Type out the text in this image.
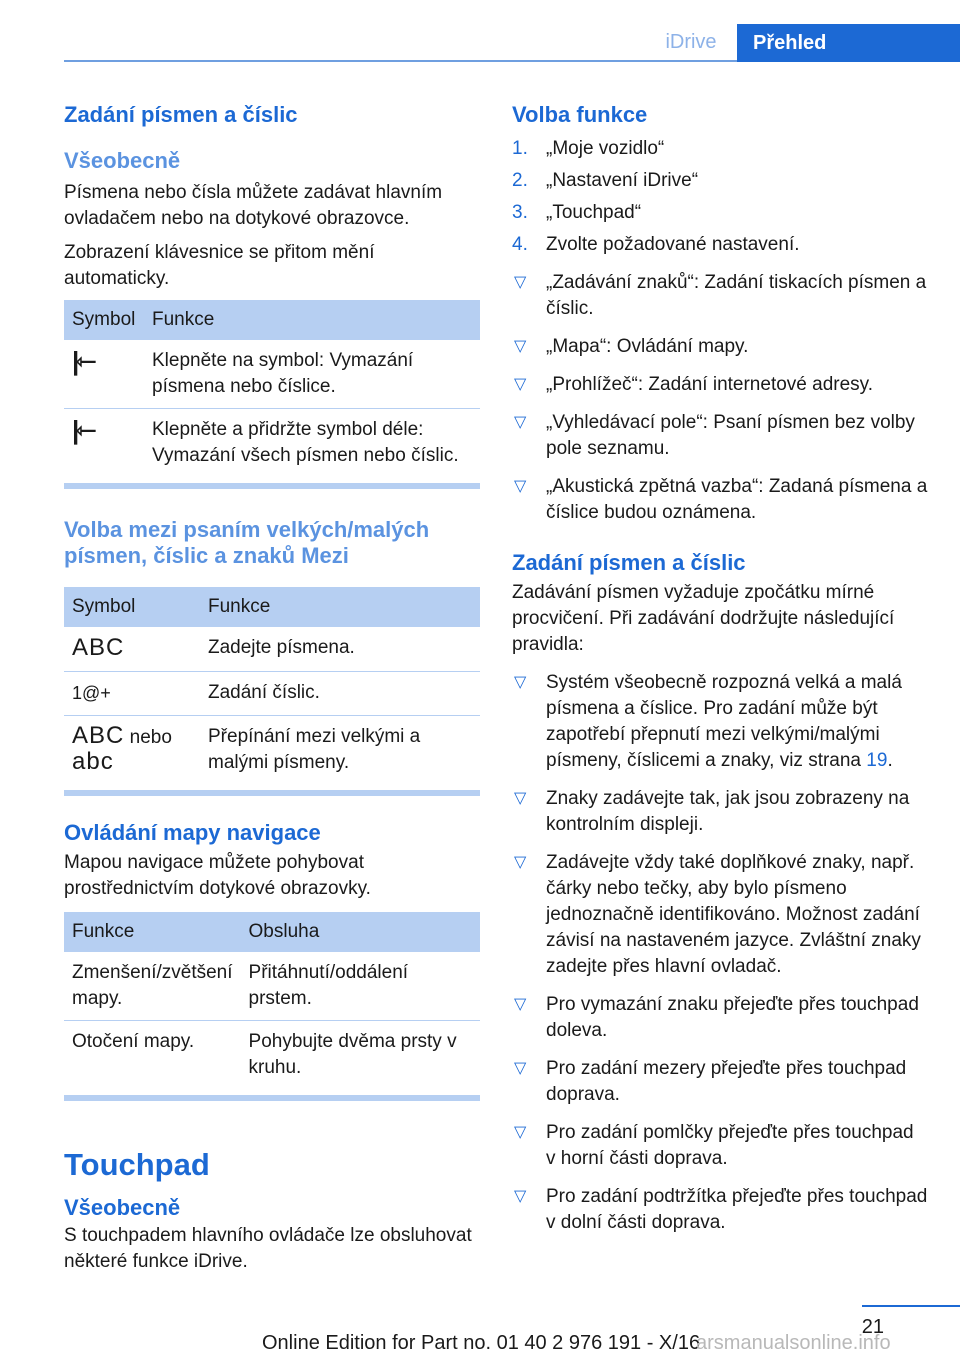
iDrive	Přehled
Zadání písmen a číslic
Všeobecně

Písmena nebo čísla můžete zadávat hlavním ovladačem nebo na dotykové obrazovce.

Zobrazení klávesnice se přitom mění automaticky.

Symbol	Funkce
|⇽	Klepněte na symbol: Vymazání písmena nebo číslice.
|⇽	Klepněte a přidržte symbol déle: Vymazání všech písmen nebo číslic.
Volba mezi psaním velkých/malých písmen, číslic a znaků Mezi
Symbol	Funkce
ABC	Zadejte písmena.
1@+	Zadání číslic.
ABC nebo
abc	Přepínání mezi velkými a malými písmeny.
Ovládání mapy navigace

Mapou navigace můžete pohybovat prostřednictvím dotykové obrazovky.

Funkce	Obsluha
Zmenšení/zvětšení mapy.	Přitáhnutí/oddálení prstem.
Otočení mapy.	Pohybujte dvěma prsty v kruhu.
Touchpad
Všeobecně

S touchpadem hlavního ovládače lze obsluhovat některé funkce iDrive.

Volba funkce
1. „Moje vozidlo“
2. „Nastavení iDrive“
3. „Touchpad“
4. Zvolte požadované nastavení.
▽ „Zadávání znaků“: Zadání tiskacích písmen a číslic.
▽ „Mapa“: Ovládání mapy.
▽ „Prohlížeč“: Zadání internetové adresy.
▽ „Vyhledávací pole“: Psaní písmen bez volby pole seznamu.
▽ „Akustická zpětná vazba“: Zadaná písmena a číslice budou oznámena.
Zadání písmen a číslic

Zadávání písmen vyžaduje zpočátku mírné procvičení. Při zadávání dodržujte následující pravidla:

▽ Systém všeobecně rozpozná velká a malá písmena a číslice. Pro zadání může být zapotřebí přepnutí mezi velkými/malými písmeny, číslicemi a znaky, viz strana 19.
▽ Znaky zadávejte tak, jak jsou zobrazeny na kontrolním displeji.
▽ Zadávejte vždy také doplňkové znaky, např. čárky nebo tečky, aby bylo písmeno jednoznačně identifikováno. Možnost zadání závisí na nastaveném jazyce. Zvláštní znaky zadejte přes hlavní ovladač.
▽ Pro vymazání znaku přejeďte přes touchpad doleva.
▽ Pro zadání mezery přejeďte přes touchpad doprava.
▽ Pro zadání pomlčky přejeďte přes touchpad v horní části doprava.
▽ Pro zadání podtržítka přejeďte přes touchpad v dolní části doprava.
21
Online Edition for Part no. 01 40 2 976 191 - X/16
arsmanualsonline.info
